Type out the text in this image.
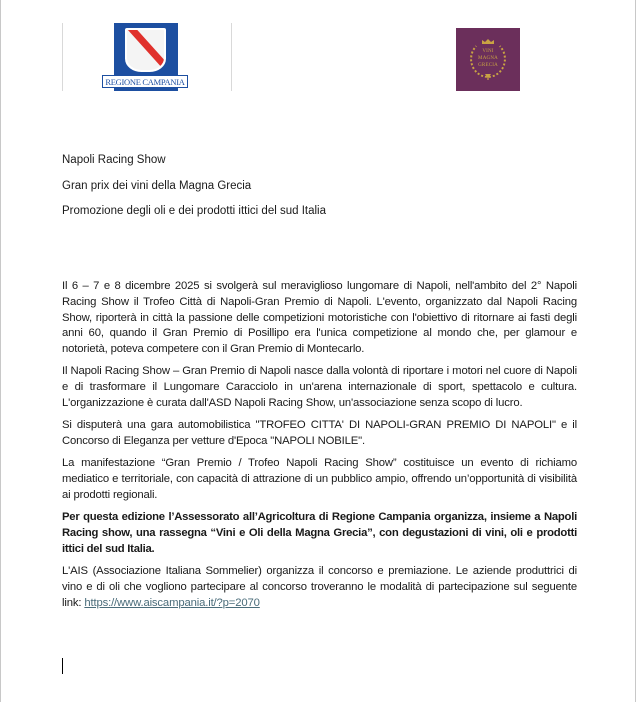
REGIONE CAMPANIA
VINI
MAGNA
GRECIA

Napoli Racing Show

Gran prix dei vini della Magna Grecia

Promozione degli oli e dei prodotti ittici del sud Italia

Il 6 – 7 e 8 dicembre 2025 si svolgerà sul meraviglioso lungomare di Napoli, nell'ambito del 2° Napoli Racing Show il Trofeo Città di Napoli-Gran Premio di Napoli. L'evento, organizzato dal Napoli Racing Show, riporterà in città la passione delle competizioni motoristiche con l'obiettivo di ritornare ai fasti degli anni 60, quando il Gran Premio di Posillipo era l'unica competizione al mondo che, per glamour e notorietà, poteva competere con il Gran Premio di Montecarlo.

Il Napoli Racing Show – Gran Premio di Napoli nasce dalla volontà di riportare i motori nel cuore di Napoli e di trasformare il Lungomare Caracciolo in un'arena internazionale di sport, spettacolo e cultura. L'organizzazione è curata dall'ASD Napoli Racing Show, un'associazione senza scopo di lucro.

Si disputerà una gara automobilistica "TROFEO CITTA' DI NAPOLI-GRAN PREMIO DI NAPOLI" e il Concorso di Eleganza per vetture d'Epoca "NAPOLI NOBILE".

La manifestazione “Gran Premio / Trofeo Napoli Racing Show” costituisce un evento di richiamo mediatico e territoriale, con capacità di attrazione di un pubblico ampio, offrendo un’opportunità di visibilità ai prodotti regionali.

Per questa edizione l’Assessorato all’Agricoltura di Regione Campania organizza, insieme a Napoli Racing show, una rassegna “Vini e Oli della Magna Grecia”, con degustazioni di vini, oli e prodotti ittici del sud Italia.

L'AIS (Associazione Italiana Sommelier) organizza il concorso e premiazione. Le aziende produttrici di vino e di oli che vogliono partecipare al concorso troveranno le modalità di partecipazione sul seguente link: https://www.aiscampania.it/?p=2070
